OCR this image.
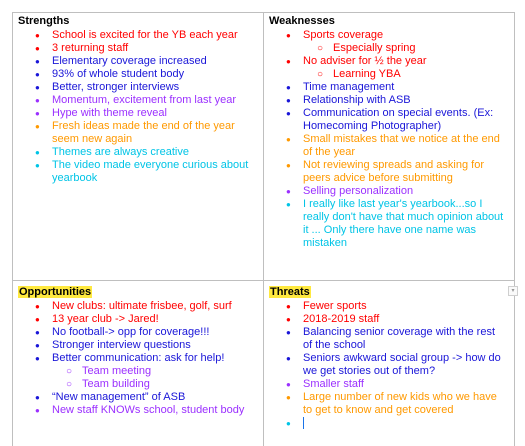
Strengths
●	School is excited for the YB each year
●	3 returning staff
●	Elementary coverage increased
●	93% of whole student body
●	Better, stronger interviews
●	Momentum, excitement from last year
●	Hype with theme reveal
●	Fresh ideas made the end of the year seem new again
●	Themes are always creative
●	The video made everyone curious about yearbook
Weaknesses
●	Sports coverage
○ Especially spring
●	No adviser for ½ the year
○ Learning YBA
●	Time management
●	Relationship with ASB
●	Communication on special events. (Ex: Homecoming Photographer)
●	Small mistakes that we notice at the end of the year
●	Not reviewing spreads and asking for peers advice before submitting
●	Selling personalization
●	I really like last year's yearbook...so I really don't have that much opinion about it ... Only there have one name was mistaken
Opportunities
●	New clubs: ultimate frisbee, golf, surf
●	13 year club -> Jared!
●	No football-> opp for coverage!!!
●	Stronger interview questions
●	Better communication: ask for help!
○ Team meeting
○ Team building
●	“New management” of ASB
●	New staff KNOWs school, student body
Threats
●	Fewer sports
●	2018-2019 staff
●	Balancing senior coverage with the rest of the school
●	Seniors awkward social group -> how do we get stories out of them?
●	Smaller staff
●	Large number of new kids who we have to get to know and get covered
●
▾
